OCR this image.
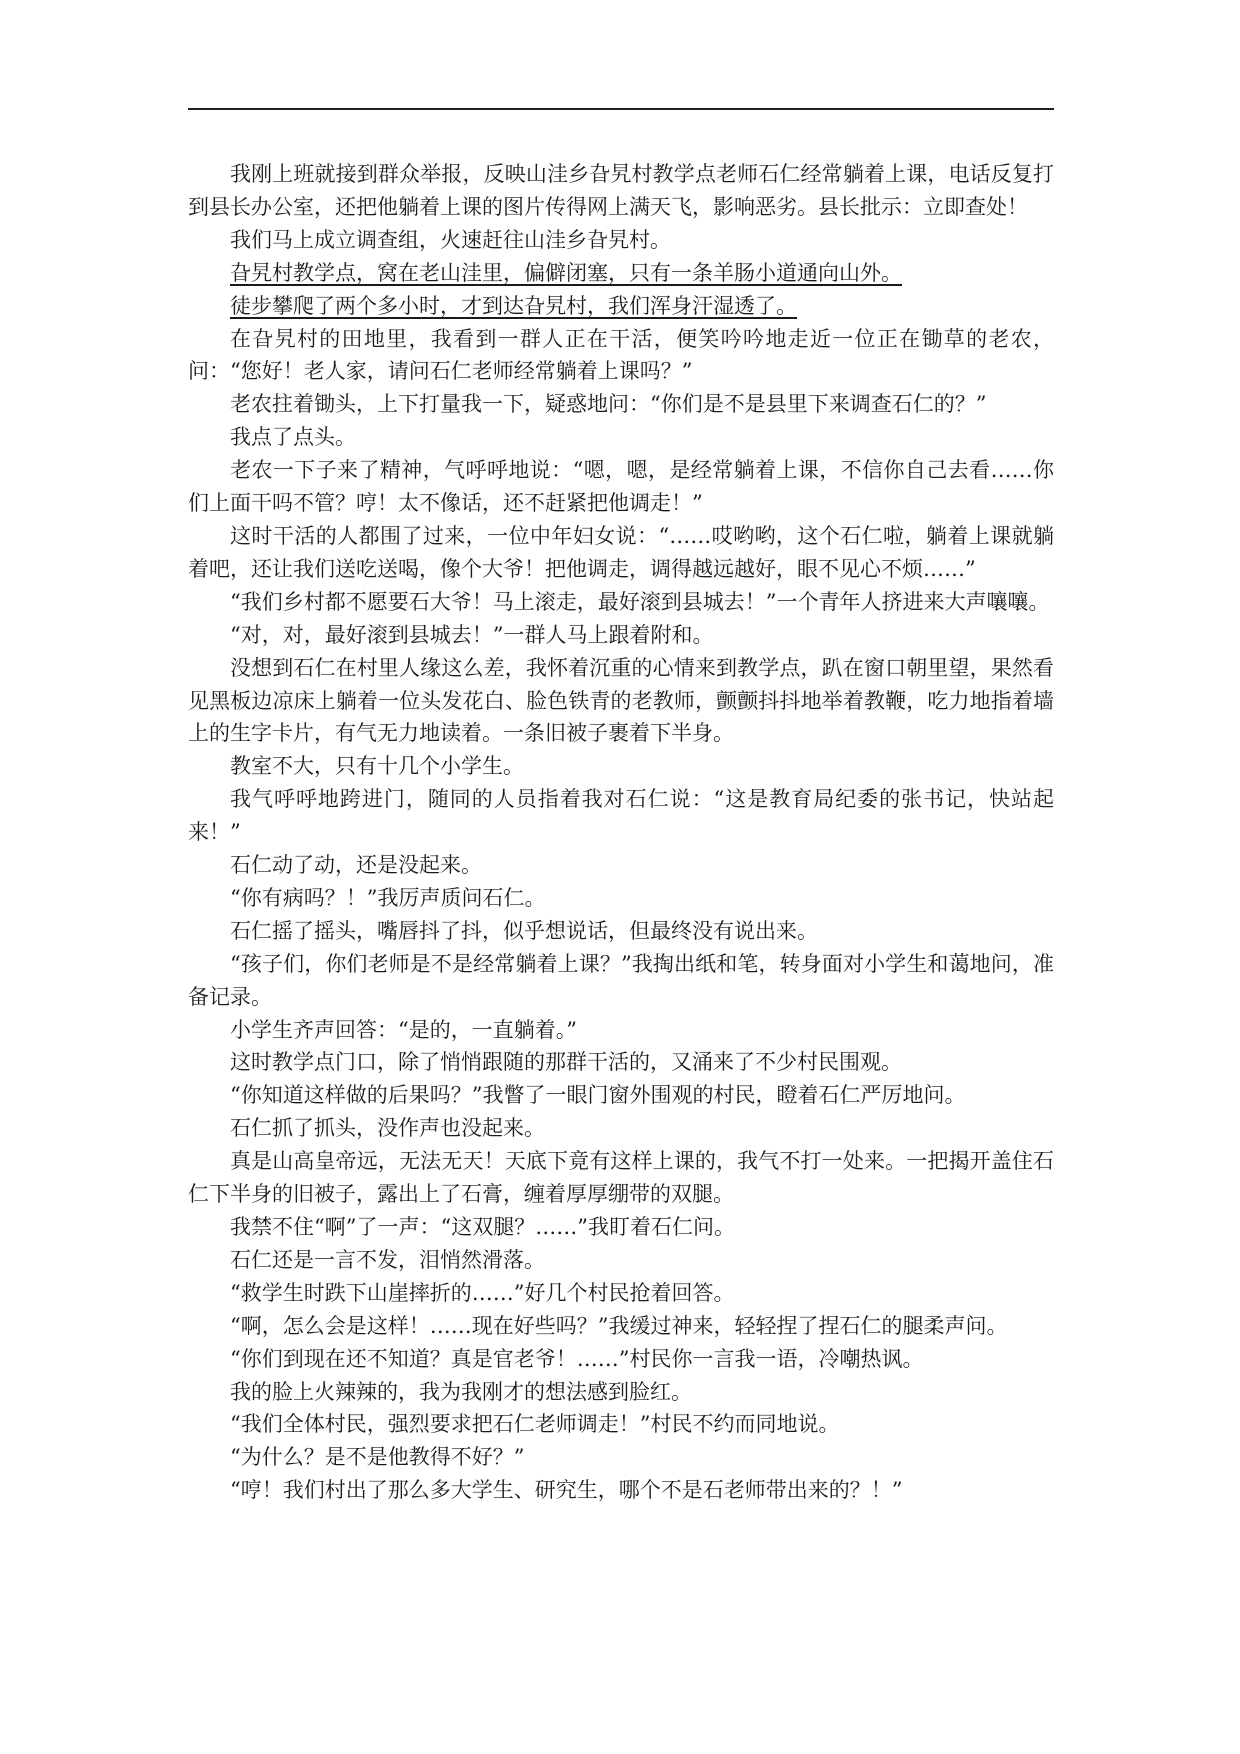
我刚上班就接到群众举报，反映山洼乡旮旯村教学点老师石仁经常躺着上课，电话反复打到县长办公室，还把他躺着上课的图片传得网上满天飞，影响恶劣。县长批示：立即查处！

我们马上成立调查组，火速赶往山洼乡旮旯村。

旮旯村教学点，窝在老山洼里，偏僻闭塞，只有一条羊肠小道通向山外。

徒步攀爬了两个多小时，才到达旮旯村，我们浑身汗湿透了。

在旮旯村的田地里，我看到一群人正在干活，便笑吟吟地走近一位正在锄草的老农，问：“您好！老人家，请问石仁老师经常躺着上课吗？”

老农拄着锄头，上下打量我一下，疑惑地问：“你们是不是县里下来调查石仁的？”

我点了点头。

老农一下子来了精神，气呼呼地说：“嗯，嗯，是经常躺着上课，不信你自己去看……你们上面干吗不管？哼！太不像话，还不赶紧把他调走！”

这时干活的人都围了过来，一位中年妇女说：“……哎哟哟，这个石仁啦，躺着上课就躺着吧，还让我们送吃送喝，像个大爷！把他调走，调得越远越好，眼不见心不烦……”

“我们乡村都不愿要石大爷！马上滚走，最好滚到县城去！”一个青年人挤进来大声嚷嚷。

“对，对，最好滚到县城去！”一群人马上跟着附和。

没想到石仁在村里人缘这么差，我怀着沉重的心情来到教学点，趴在窗口朝里望，果然看见黑板边凉床上躺着一位头发花白、脸色铁青的老教师，颤颤抖抖地举着教鞭，吃力地指着墙上的生字卡片，有气无力地读着。一条旧被子裹着下半身。

教室不大，只有十几个小学生。

我气呼呼地跨进门，随同的人员指着我对石仁说：“这是教育局纪委的张书记，快站起来！”

石仁动了动，还是没起来。

“你有病吗？！”我厉声质问石仁。

石仁摇了摇头，嘴唇抖了抖，似乎想说话，但最终没有说出来。

“孩子们，你们老师是不是经常躺着上课？”我掏出纸和笔，转身面对小学生和蔼地问，准备记录。

小学生齐声回答：“是的，一直躺着。”

这时教学点门口，除了悄悄跟随的那群干活的，又涌来了不少村民围观。

“你知道这样做的后果吗？”我瞥了一眼门窗外围观的村民，瞪着石仁严厉地问。

石仁抓了抓头，没作声也没起来。

真是山高皇帝远，无法无天！天底下竟有这样上课的，我气不打一处来。一把揭开盖住石仁下半身的旧被子，露出上了石膏，缠着厚厚绷带的双腿。

我禁不住“啊”了一声：“这双腿？……”我盯着石仁问。

石仁还是一言不发，泪悄然滑落。

“救学生时跌下山崖摔折的……”好几个村民抢着回答。

“啊，怎么会是这样！……现在好些吗？”我缓过神来，轻轻捏了捏石仁的腿柔声问。

“你们到现在还不知道？真是官老爷！……”村民你一言我一语，冷嘲热讽。

我的脸上火辣辣的，我为我刚才的想法感到脸红。

“我们全体村民，强烈要求把石仁老师调走！”村民不约而同地说。

“为什么？是不是他教得不好？”

“哼！我们村出了那么多大学生、研究生，哪个不是石老师带出来的？！”
